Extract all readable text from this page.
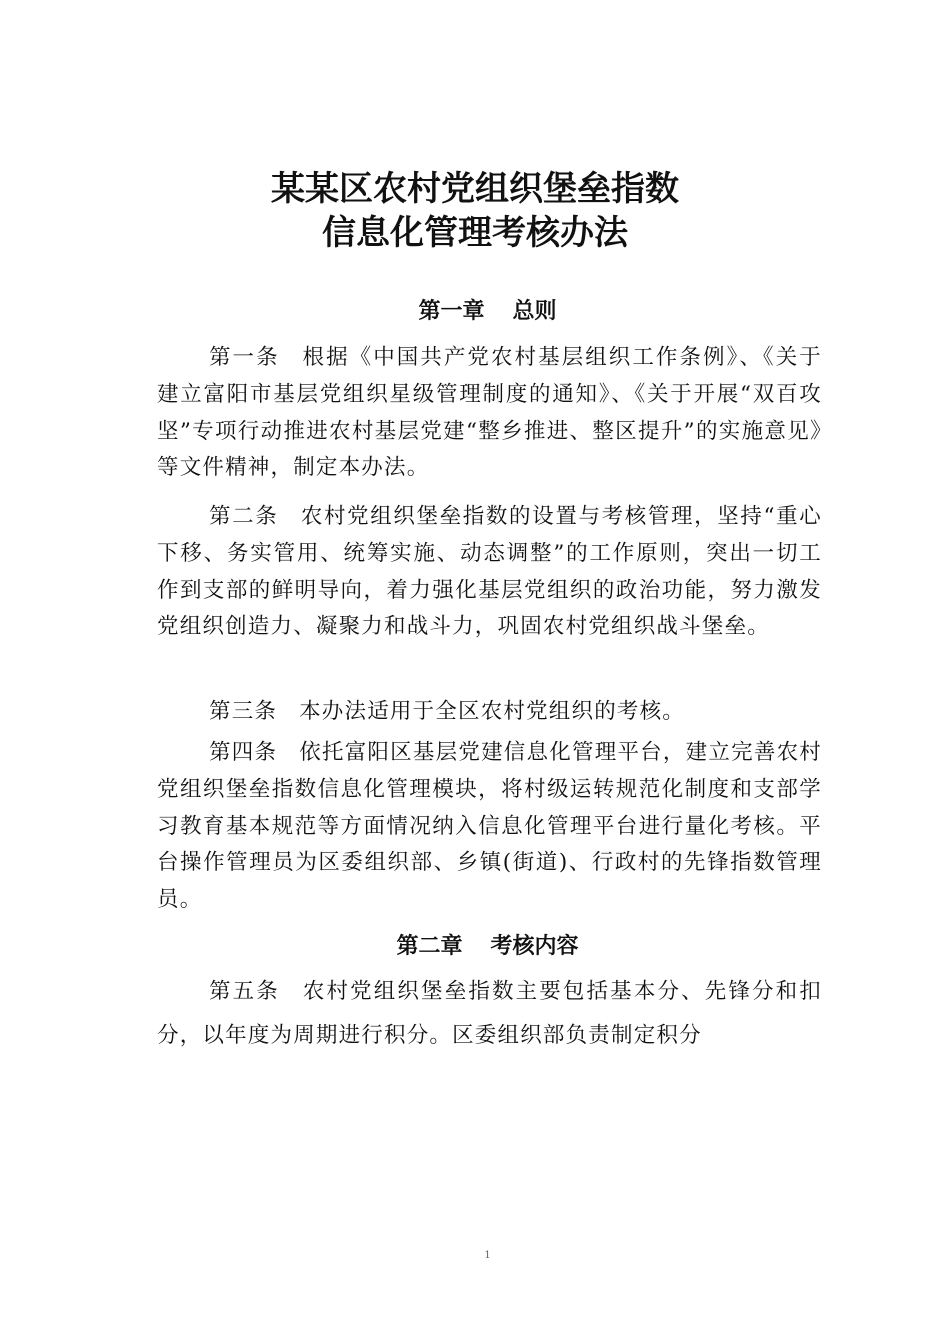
某某区农村党组织堡垒指数
信息化管理考核办法
第一章 总则
第一条 根据《中国共产党农村基层组织工作条例》、《关于建立富阳市基层党组织星级管理制度的通知》、《关于开展“双百攻坚”专项行动推进农村基层党建“整乡推进、整区提升”的实施意见》等文件精神，制定本办法。
第二条 农村党组织堡垒指数的设置与考核管理，坚持“重心下移、务实管用、统筹实施、动态调整”的工作原则，突出一切工作到支部的鲜明导向，着力强化基层党组织的政治功能，努力激发党组织创造力、凝聚力和战斗力，巩固农村党组织战斗堡垒。
第三条 本办法适用于全区农村党组织的考核。
第四条 依托富阳区基层党建信息化管理平台，建立完善农村党组织堡垒指数信息化管理模块，将村级运转规范化制度和支部学习教育基本规范等方面情况纳入信息化管理平台进行量化考核。平台操作管理员为区委组织部、乡镇(街道)、行政村的先锋指数管理员。
第二章 考核内容
第五条 农村党组织堡垒指数主要包括基本分、先锋分和扣分，以年度为周期进行积分。区委组织部负责制定积分
1
